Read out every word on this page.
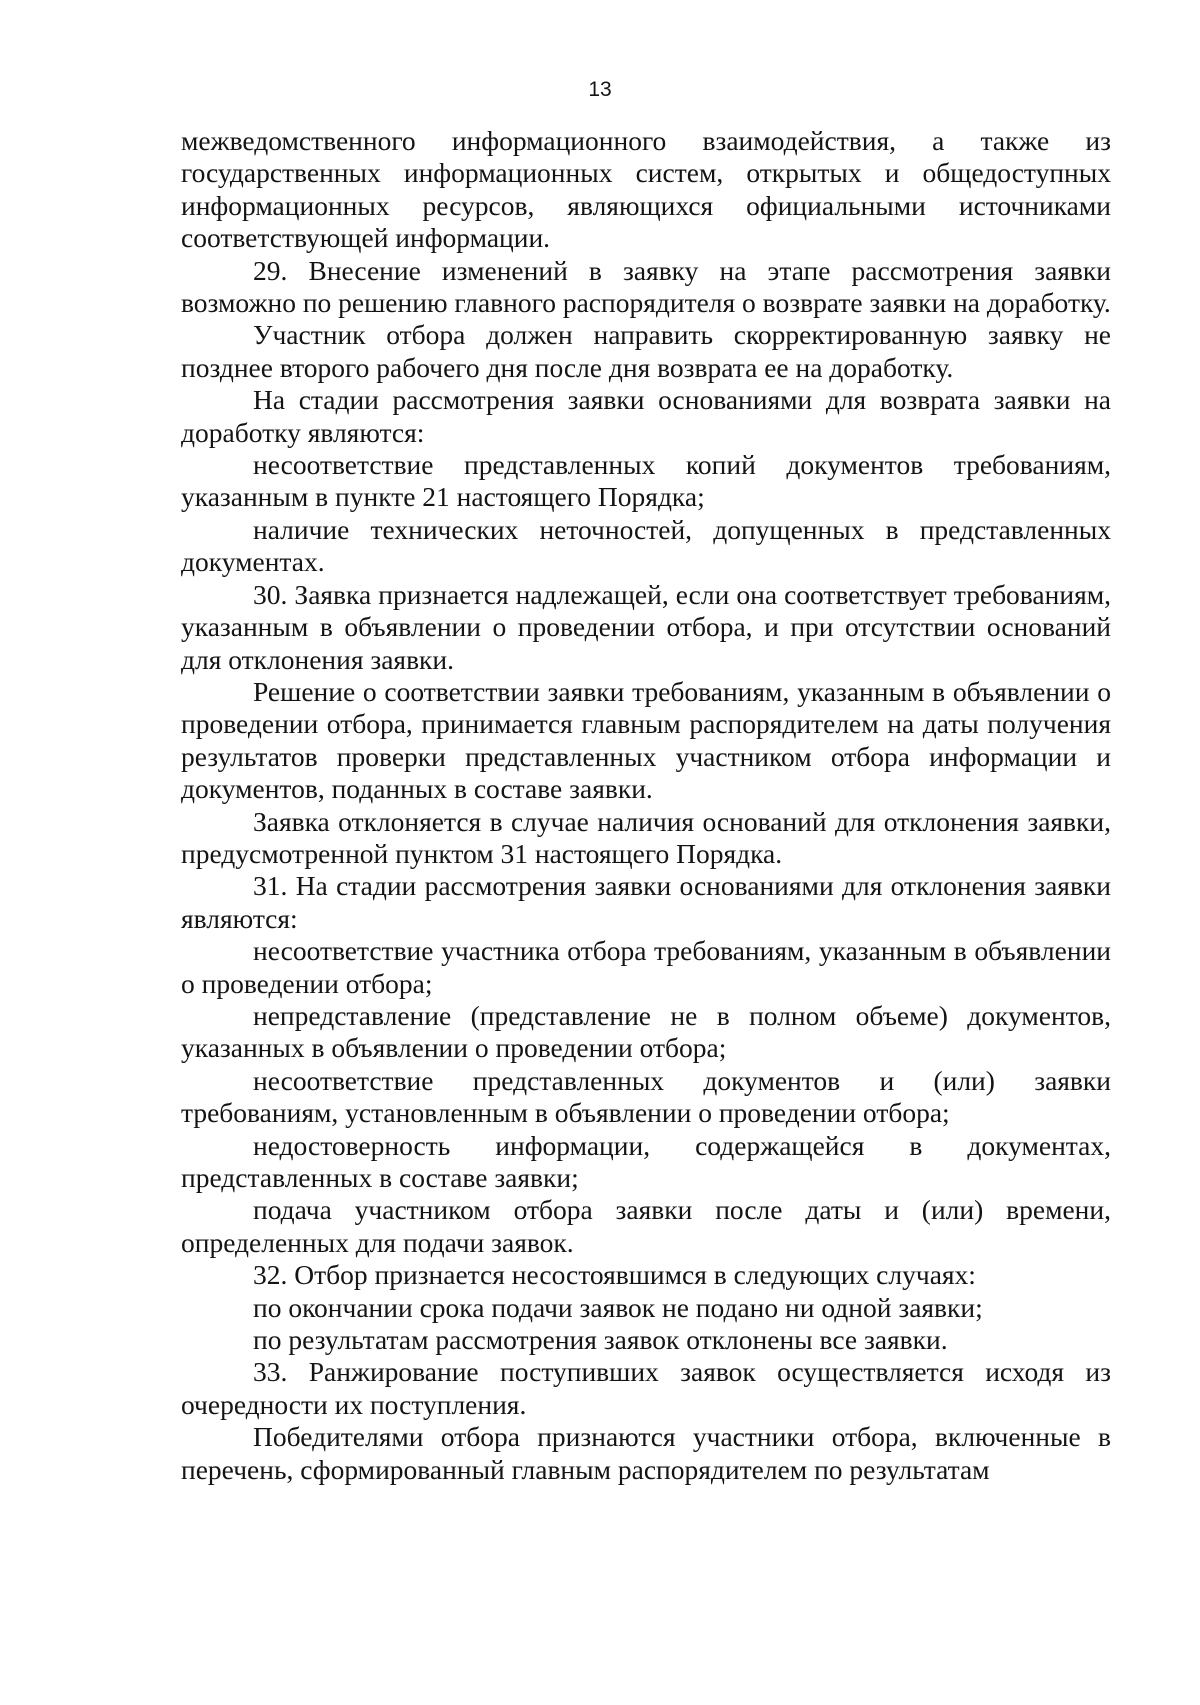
13

межведомственного информационного взаимодействия, а также из государственных информационных систем, открытых и общедоступных информационных ресурсов, являющихся официальными источниками соответствующей информации.

29. Внесение изменений в заявку на этапе рассмотрения заявки возможно по решению главного распорядителя о возврате заявки на доработку.

Участник отбора должен направить скорректированную заявку не позднее второго рабочего дня после дня возврата ее на доработку.

На стадии рассмотрения заявки основаниями для возврата заявки на доработку являются:

несоответствие представленных копий документов требованиям, указанным в пункте 21 настоящего Порядка;

наличие технических неточностей, допущенных в представленных документах.

30. Заявка признается надлежащей, если она соответствует требованиям, указанным в объявлении о проведении отбора, и при отсутствии оснований для отклонения заявки.

Решение о соответствии заявки требованиям, указанным в объявлении о проведении отбора, принимается главным распорядителем на даты получения результатов проверки представленных участником отбора информации и документов, поданных в составе заявки.

Заявка отклоняется в случае наличия оснований для отклонения заявки, предусмотренной пунктом 31 настоящего Порядка.

31. На стадии рассмотрения заявки основаниями для отклонения заявки являются:

несоответствие участника отбора требованиям, указанным в объявлении о проведении отбора;

непредставление (представление не в полном объеме) документов, указанных в объявлении о проведении отбора;

несоответствие представленных документов и (или) заявки требованиям, установленным в объявлении о проведении отбора;

недостоверность информации, содержащейся в документах, представленных в составе заявки;

подача участником отбора заявки после даты и (или) времени, определенных для подачи заявок.

32. Отбор признается несостоявшимся в следующих случаях:

по окончании срока подачи заявок не подано ни одной заявки;

по результатам рассмотрения заявок отклонены все заявки.

33. Ранжирование поступивших заявок осуществляется исходя из очередности их поступления.

Победителями отбора признаются участники отбора, включенные в перечень, сформированный главным распорядителем по результатам
